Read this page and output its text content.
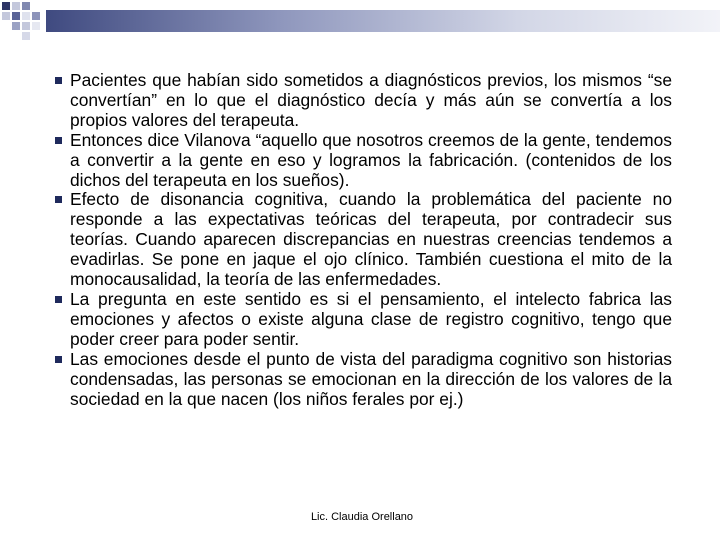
Pacientes que habían sido sometidos a diagnósticos previos, los mismos “se convertían” en lo que el diagnóstico decía y más aún se convertía a los propios valores del terapeuta.
Entonces dice Vilanova “aquello que nosotros creemos de la gente, tendemos a convertir a la gente en eso y logramos la fabricación. (contenidos de los dichos del terapeuta en los sueños).
Efecto de disonancia cognitiva, cuando la problemática del paciente no responde a las expectativas teóricas del terapeuta, por contradecir sus teorías. Cuando aparecen discrepancias en nuestras creencias tendemos a evadirlas. Se pone en jaque el ojo clínico. También cuestiona el mito de la monocausalidad, la teoría de las enfermedades.
La pregunta en este sentido es si el pensamiento, el intelecto fabrica las emociones y afectos o existe alguna clase de registro cognitivo, tengo que poder creer para poder sentir.
Las emociones desde el punto de vista del paradigma cognitivo son historias condensadas, las personas se emocionan en la dirección de los valores de la sociedad en la que nacen (los niños ferales por ej.)
Lic. Claudia Orellano
